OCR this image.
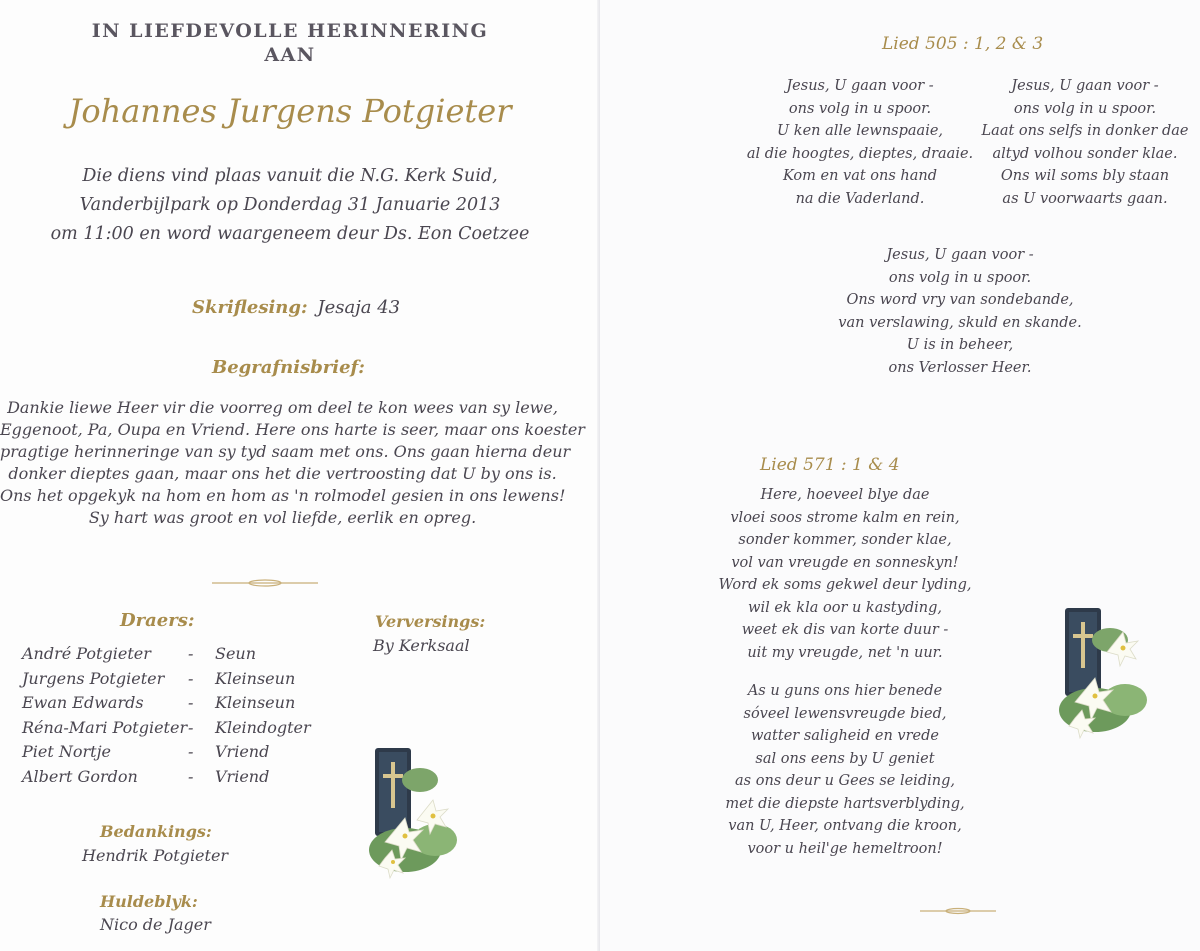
IN LIEFDEVOLLE HERINNERING
AAN
Johannes Jurgens Potgieter
Die diens vind plaas vanuit die N.G. Kerk Suid,
Vanderbijlpark op Donderdag 31 Januarie 2013
om 11:00 en word waargeneem deur Ds. Eon Coetzee
Skriflesing: Jesaja 43
Begrafnisbrief:
Dankie liewe Heer vir die voorreg om deel te kon wees van sy lewe,
Eggenoot, Pa, Oupa en Vriend. Here ons harte is seer, maar ons koester
pragtige herinneringe van sy tyd saam met ons. Ons gaan hierna deur
donker dieptes gaan, maar ons het die vertroosting dat U by ons is.
Ons het opgekyk na hom en hom as 'n rolmodel gesien in ons lewens!
Sy hart was groot en vol liefde, eerlik en opreg.
Draers:
André Potgieter - Seun
Jurgens Potgieter - Kleinseun
Ewan Edwards	- Kleinseun
Réna-Mari Potgieter - Kleindogter
Piet Nortje	- Vriend
Albert Gordon	- Vriend
Verversings:
By Kerksaal
Bedankings:
Hendrik Potgieter
Huldeblyk:
Nico de Jager
Lied 505 : 1, 2 & 3
Jesus, U gaan voor -
ons volg in u spoor.
U ken alle lewnspaaie,
al die hoogtes, dieptes, draaie.
Kom en vat ons hand
na die Vaderland.
Jesus, U gaan voor -
ons volg in u spoor.
Laat ons selfs in donker dae
altyd volhou sonder klae.
Ons wil soms bly staan
as U voorwaarts gaan.
Jesus, U gaan voor -
ons volg in u spoor.
Ons word vry van sondebande,
van verslawing, skuld en skande.
U is in beheer,
ons Verlosser Heer.
Lied 571 : 1 & 4
Here, hoeveel blye dae
vloei soos strome kalm en rein,
sonder kommer, sonder klae,
vol van vreugde en sonneskyn!
Word ek soms gekwel deur lyding,
wil ek kla oor u kastyding,
weet ek dis van korte duur -
uit my vreugde, net 'n uur.
As u guns ons hier benede
sóveel lewensvreugde bied,
watter saligheid en vrede
sal ons eens by U geniet
as ons deur u Gees se leiding,
met die diepste hartsverblyding,
van U, Heer, ontvang die kroon,
voor u heil'ge hemeltroon!
